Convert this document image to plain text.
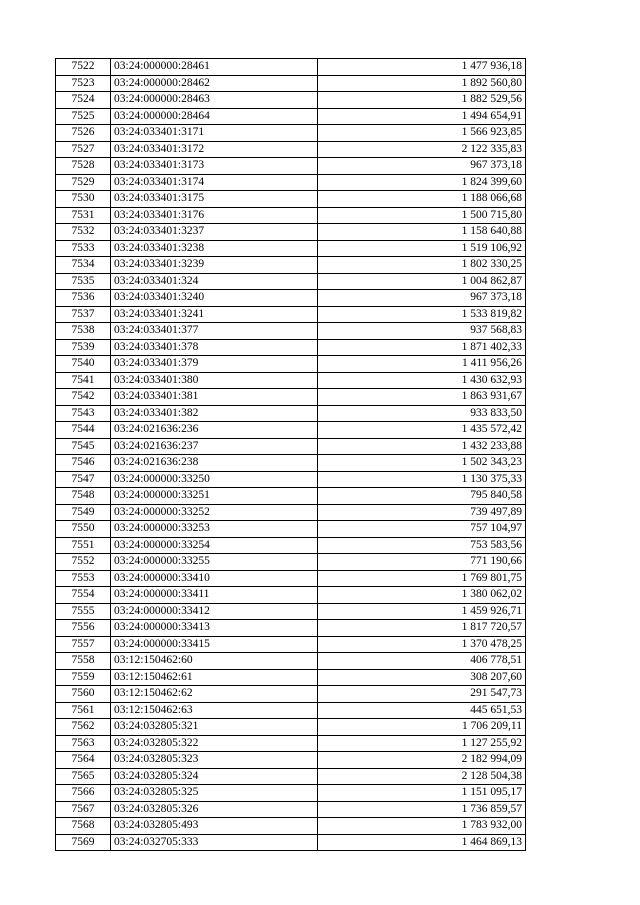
7522	03:24:000000:28461	1 477 936,18
7523	03:24:000000:28462	1 892 560,80
7524	03:24:000000:28463	1 882 529,56
7525	03:24:000000:28464	1 494 654,91
7526	03:24:033401:3171	1 566 923,85
7527	03:24:033401:3172	2 122 335,83
7528	03:24:033401:3173	967 373,18
7529	03:24:033401:3174	1 824 399,60
7530	03:24:033401:3175	1 188 066,68
7531	03:24:033401:3176	1 500 715,80
7532	03:24:033401:3237	1 158 640,88
7533	03:24:033401:3238	1 519 106,92
7534	03:24:033401:3239	1 802 330,25
7535	03:24:033401:324	1 004 862,87
7536	03:24:033401:3240	967 373,18
7537	03:24:033401:3241	1 533 819,82
7538	03:24:033401:377	937 568,83
7539	03:24:033401:378	1 871 402,33
7540	03:24:033401:379	1 411 956,26
7541	03:24:033401:380	1 430 632,93
7542	03:24:033401:381	1 863 931,67
7543	03:24:033401:382	933 833,50
7544	03:24:021636:236	1 435 572,42
7545	03:24:021636:237	1 432 233,88
7546	03:24:021636:238	1 502 343,23
7547	03:24:000000:33250	1 130 375,33
7548	03:24:000000:33251	795 840,58
7549	03:24:000000:33252	739 497,89
7550	03:24:000000:33253	757 104,97
7551	03:24:000000:33254	753 583,56
7552	03:24:000000:33255	771 190,66
7553	03:24:000000:33410	1 769 801,75
7554	03:24:000000:33411	1 380 062,02
7555	03:24:000000:33412	1 459 926,71
7556	03:24:000000:33413	1 817 720,57
7557	03:24:000000:33415	1 370 478,25
7558	03:12:150462:60	406 778,51
7559	03:12:150462:61	308 207,60
7560	03:12:150462:62	291 547,73
7561	03:12:150462:63	445 651,53
7562	03:24:032805:321	1 706 209,11
7563	03:24:032805:322	1 127 255,92
7564	03:24:032805:323	2 182 994,09
7565	03:24:032805:324	2 128 504,38
7566	03:24:032805:325	1 151 095,17
7567	03:24:032805:326	1 736 859,57
7568	03:24:032805:493	1 783 932,00
7569	03:24:032705:333	1 464 869,13
